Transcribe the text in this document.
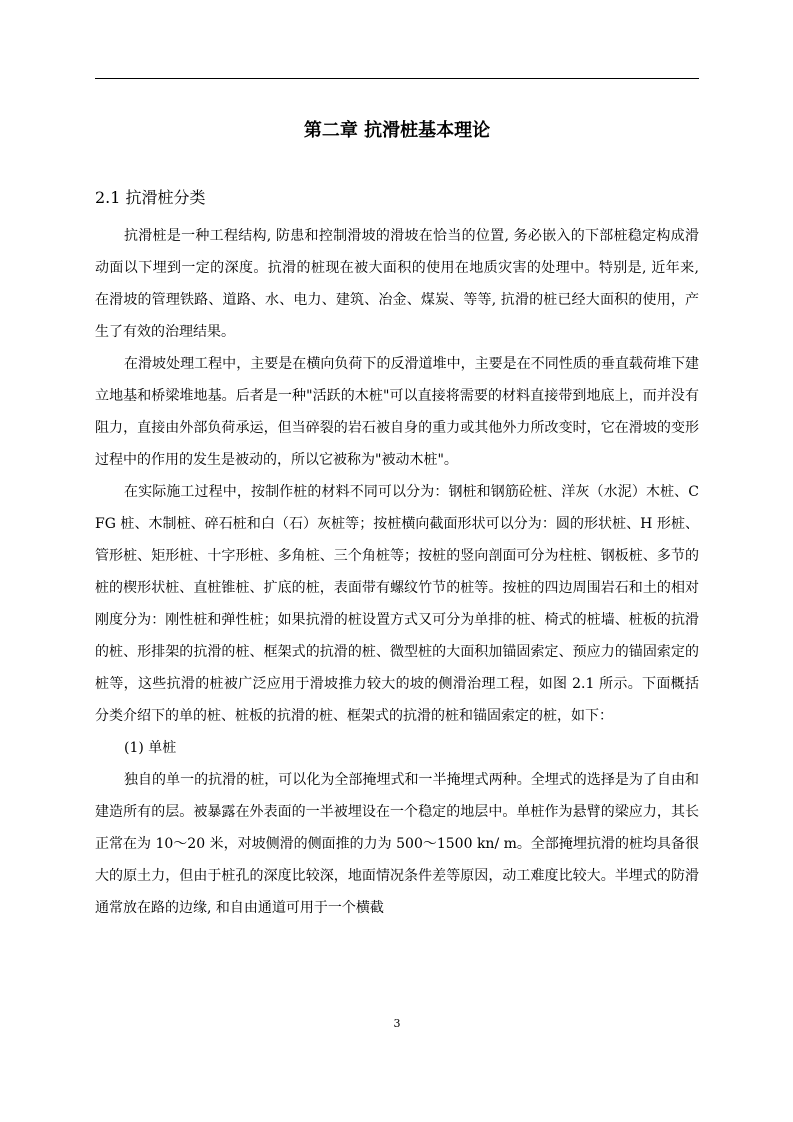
第二章 抗滑桩基本理论
2.1 抗滑桩分类

抗滑桩是一种工程结构, 防患和控制滑坡的滑坡在恰当的位置, 务必嵌入的下部桩稳定构成滑动面以下埋到一定的深度。抗滑的桩现在被大面积的使用在地质灾害的处理中。特别是, 近年来, 在滑坡的管理铁路、道路、水、电力、建筑、冶金、煤炭、等等, 抗滑的桩已经大面积的使用，产生了有效的治理结果。

在滑坡处理工程中，主要是在横向负荷下的反滑道堆中，主要是在不同性质的垂直载荷堆下建立地基和桥梁堆地基。后者是一种"活跃的木桩"可以直接将需要的材料直接带到地底上，而并没有阻力，直接由外部负荷承运，但当碎裂的岩石被自身的重力或其他外力所改变时，它在滑坡的变形过程中的作用的发生是被动的，所以它被称为"被动木桩"。

在实际施工过程中，按制作桩的材料不同可以分为：钢桩和钢筋砼桩、洋灰（水泥）木桩、CFG 桩、木制桩、碎石桩和白（石）灰桩等；按桩横向截面形状可以分为：圆的形状桩、H 形桩、管形桩、矩形桩、十字形桩、多角桩、三个角桩等；按桩的竖向剖面可分为柱桩、钢板桩、多节的桩的楔形状桩、直桩锥桩、扩底的桩，表面带有螺纹竹节的桩等。按桩的四边周围岩石和土的相对刚度分为：刚性桩和弹性桩；如果抗滑的桩设置方式又可分为单排的桩、椅式的桩墙、桩板的抗滑的桩、形排架的抗滑的桩、框架式的抗滑的桩、微型桩的大面积加锚固索定、预应力的锚固索定的桩等，这些抗滑的桩被广泛应用于滑坡推力较大的坡的侧滑治理工程，如图 2.1 所示。下面概括分类介绍下的单的桩、桩板的抗滑的桩、框架式的抗滑的桩和锚固索定的桩，如下：

(1) 单桩

独自的单一的抗滑的桩，可以化为全部掩埋式和一半掩埋式两种。全埋式的选择是为了自由和建造所有的层。被暴露在外表面的一半被埋设在一个稳定的地层中。单桩作为悬臂的梁应力，其长正常在为 10～20 米，对坡侧滑的侧面推的力为 500～1500 kn/ m。全部掩埋抗滑的桩均具备很大的原土力，但由于桩孔的深度比较深，地面情况条件差等原因，动工难度比较大。半埋式的防滑通常放在路的边缘, 和自由通道可用于一个横截

3
